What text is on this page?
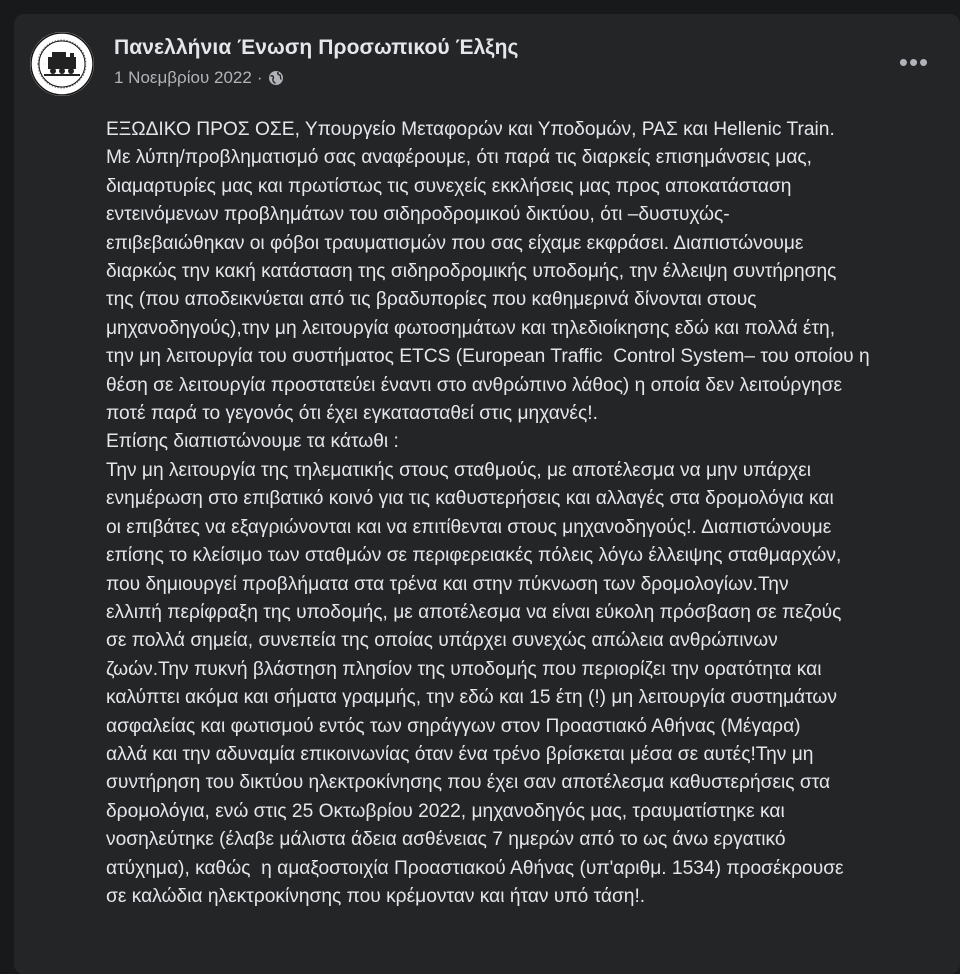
Πανελλήνια Ένωση Προσωπικού Έλξης
1 Νοεμβρίου 2022 ·
•••

ΕΞΩΔΙΚΟ ΠΡΟΣ ΟΣΕ, Υπουργείο Μεταφορών και Υποδομών, ΡΑΣ και Hellenic Train.

Με λύπη/προβληματισμό σας αναφέρουμε, ότι παρά τις διαρκείς επισημάνσεις μας,

διαμαρτυρίες μας και πρωτίστως τις συνεχείς εκκλήσεις μας προς αποκατάσταση

εντεινόμενων προβλημάτων του σιδηροδρομικού δικτύου, ότι –δυστυχώς-

επιβεβαιώθηκαν οι φόβοι τραυματισμών που σας είχαμε εκφράσει. Διαπιστώνουμε

διαρκώς την κακή κατάσταση της σιδηροδρομικής υποδομής, την έλλειψη συντήρησης

της (που αποδεικνύεται από τις βραδυπορίες που καθημερινά δίνονται στους

μηχανοδηγούς),την μη λειτουργία φωτοσημάτων και τηλεδιοίκησης εδώ και πολλά έτη,

την μη λειτουργία του συστήματος ETCS (European Traffic  Control System– του οποίου η

θέση σε λειτουργία προστατεύει έναντι στο ανθρώπινο λάθος) η οποία δεν λειτούργησε

ποτέ παρά το γεγονός ότι έχει εγκατασταθεί στις μηχανές!.

Επίσης διαπιστώνουμε τα κάτωθι :

Την μη λειτουργία της τηλεματικής στους σταθμούς, με αποτέλεσμα να μην υπάρχει

ενημέρωση στο επιβατικό κοινό για τις καθυστερήσεις και αλλαγές στα δρομολόγια και

οι επιβάτες να εξαγριώνονται και να επιτίθενται στους μηχανοδηγούς!. Διαπιστώνουμε

επίσης το κλείσιμο των σταθμών σε περιφερειακές πόλεις λόγω έλλειψης σταθμαρχών,

που δημιουργεί προβλήματα στα τρένα και στην πύκνωση των δρομολογίων.Την

ελλιπή περίφραξη της υποδομής, με αποτέλεσμα να είναι εύκολη πρόσβαση σε πεζούς

σε πολλά σημεία, συνεπεία της οποίας υπάρχει συνεχώς απώλεια ανθρώπινων

ζωών.Την πυκνή βλάστηση πλησίον της υποδομής που περιορίζει την ορατότητα και

καλύπτει ακόμα και σήματα γραμμής, την εδώ και 15 έτη (!) μη λειτουργία συστημάτων

ασφαλείας και φωτισμού εντός των σηράγγων στον Προαστιακό Αθήνας (Μέγαρα)

αλλά και την αδυναμία επικοινωνίας όταν ένα τρένο βρίσκεται μέσα σε αυτές!Την μη

συντήρηση του δικτύου ηλεκτροκίνησης που έχει σαν αποτέλεσμα καθυστερήσεις στα

δρομολόγια, ενώ στις 25 Οκτωβρίου 2022, μηχανοδηγός μας, τραυματίστηκε και

νοσηλεύτηκε (έλαβε μάλιστα άδεια ασθένειας 7 ημερών από το ως άνω εργατικό

ατύχημα), καθώς  η αμαξοστοιχία Προαστιακού Αθήνας (υπ'αριθμ. 1534) προσέκρουσε

σε καλώδια ηλεκτροκίνησης που κρέμονταν και ήταν υπό τάση!.
